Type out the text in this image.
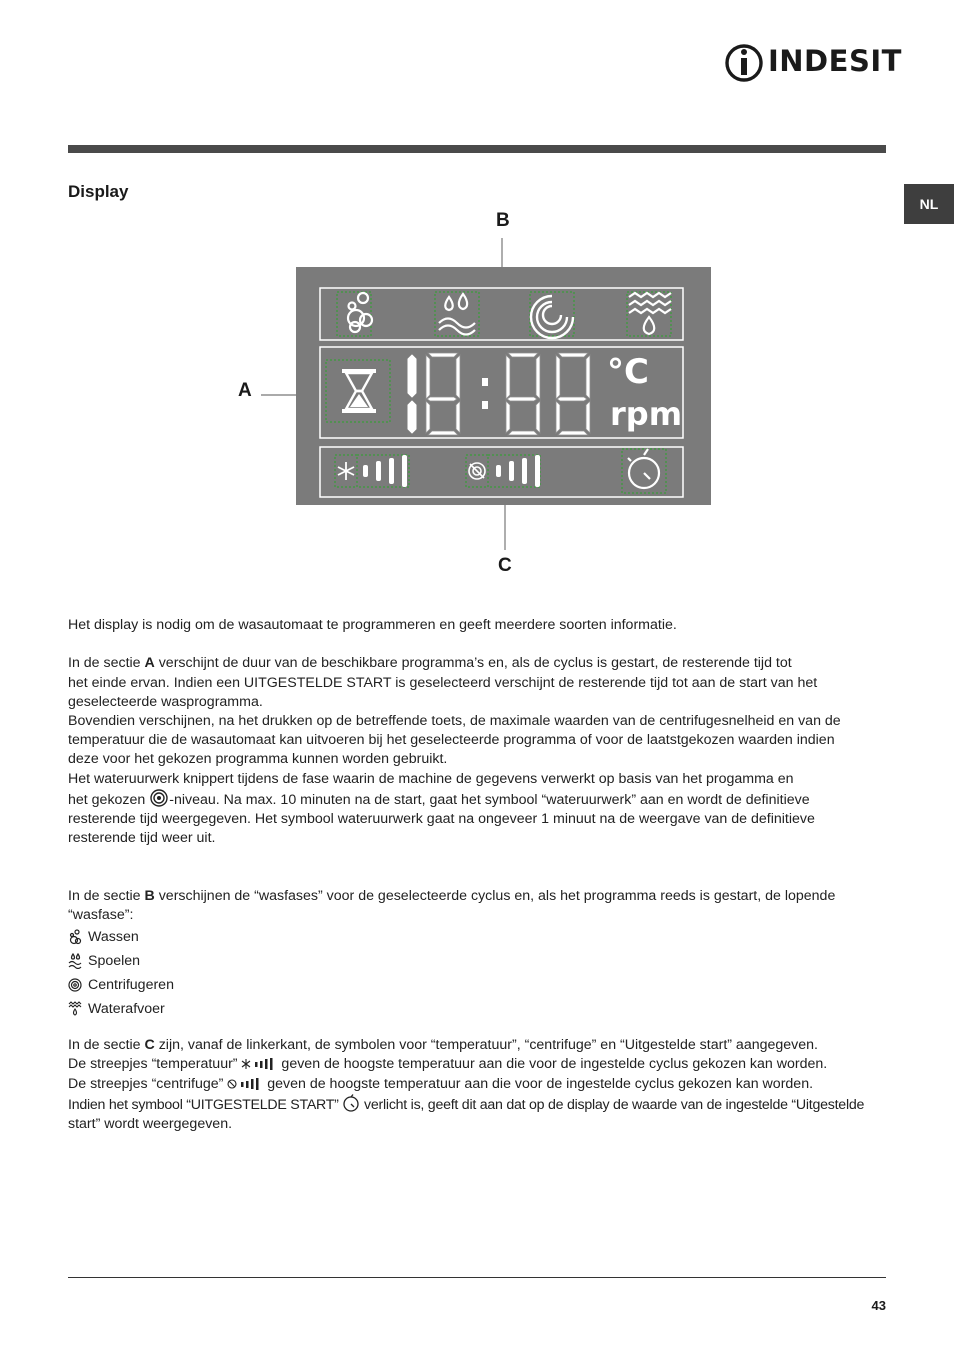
INDESIT
NL
Display
B
A
C
°C
rpm

Het display is nodig om de wasautomaat te programmeren en geeft meerdere soorten informatie.

In de sectie A verschijnt de duur van de beschikbare programma’s en, als de cyclus is gestart, de resterende tijd tot

het einde ervan. Indien een UITGESTELDE START is geselecteerd verschijnt de resterende tijd tot aan de start van het

geselecteerde wasprogramma.

Bovendien verschijnen, na het drukken op de betreffende toets, de maximale waarden van de centrifugesnelheid en van de

temperatuur die de wasautomaat kan uitvoeren bij het geselecteerde programma of voor de laatstgekozen waarden indien

deze voor het gekozen programma kunnen worden gebruikt.

Het wateruurwerk knippert tijdens de fase waarin de machine de gegevens verwerkt op basis van het progamma en

het gekozen -niveau. Na max. 10 minuten na de start, gaat het symbool “wateruurwerk” aan en wordt de definitieve

resterende tijd weergegeven. Het symbool wateruurwerk gaat na ongeveer 1 minuut na de weergave van de definitieve

resterende tijd weer uit.

In de sectie B verschijnen de “wasfases” voor de geselecteerde cyclus en, als het programma reeds is gestart, de lopende

“wasfase”:

Wassen
Spoelen
Centrifugeren
Waterafvoer

In de sectie C zijn, vanaf de linkerkant, de symbolen voor “temperatuur”, “centrifuge” en “Uitgestelde start” aangegeven.

De streepjes “temperatuur”	geven de hoogste temperatuur aan die voor de ingestelde cyclus gekozen kan worden.

De streepjes “centrifuge”	geven de hoogste temperatuur aan die voor de ingestelde cyclus gekozen kan worden.

Indien het symbool “UITGESTELDE START”  verlicht is, geeft dit aan dat op de display de waarde van de ingestelde “Uitgestelde

start” wordt weergegeven.

43
